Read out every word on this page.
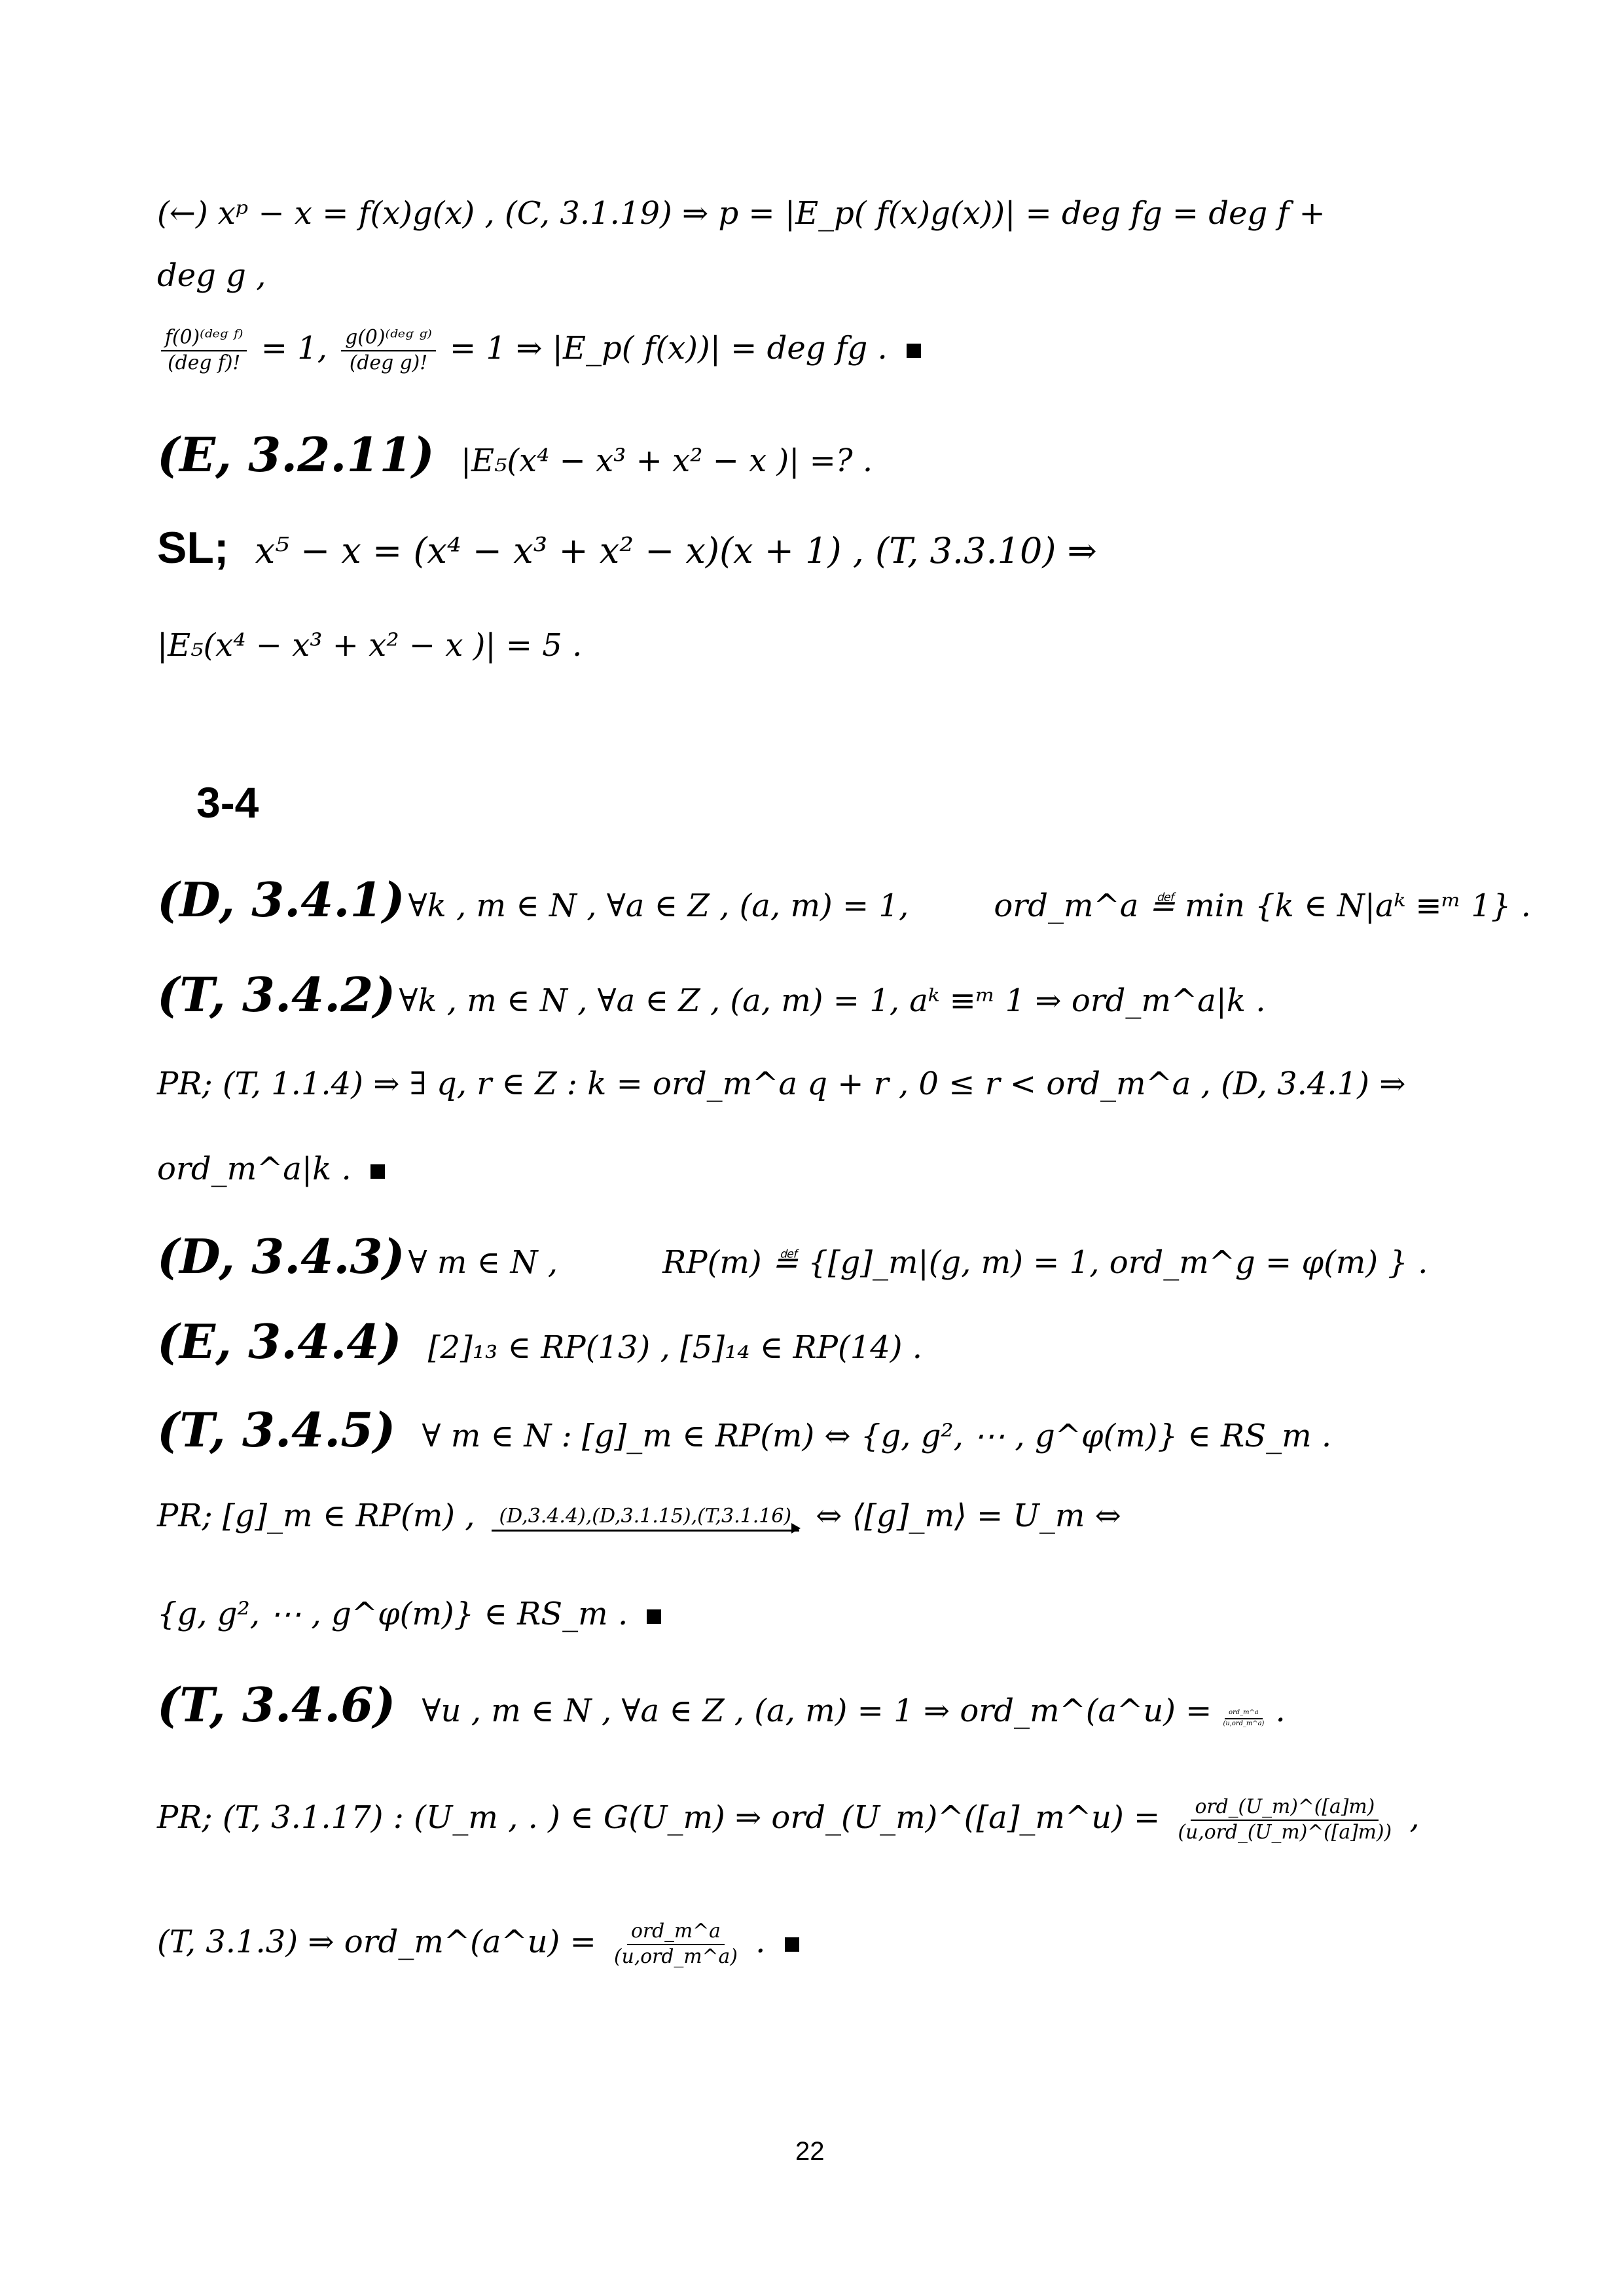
(←) xᵖ − x = f(x)g(x) , (C, 3.1.19) ⇒ p = |E_p( f(x)g(x))| = deg fg = deg f +
deg g ,
$\frac{\text{f(0)⁽ᵈᵉᵍ ᶠ⁾}}{\text{(deg f)!}} = 1$, $\frac{\text{g(0)⁽ᵈᵉᵍ ᵍ⁾}}{\text{(deg g)!}} = 1$ ⇒ |E_p( f(x))| = deg fg .
(E, 3.2.11) |E₅(x⁴ − x³ + x² − x )| =? .
SL; x⁵ − x = (x⁴ − x³ + x² − x)(x + 1) , (T, 3.3.10) ⇒
|E₅(x⁴ − x³ + x² − x )| = 5 .
3-4
(D, 3.4.1) ∀k , m ∈ N , ∀a ∈ Z , (a, m) = 1,	ord_m^a ≝ min {k ∈ N|aᵏ ≡ᵐ 1} .
(T, 3.4.2) ∀k , m ∈ N , ∀a ∈ Z , (a, m) = 1, aᵏ ≡ᵐ 1 ⇒ ord_m^a|k .
PR; (T, 1.1.4) ⇒ ∃ q, r ∈ Z : k = ord_m^a q + r , 0 ≤ r < ord_m^a , (D, 3.4.1) ⇒
ord_m^a|k .
(D, 3.4.3) ∀ m ∈ N ,	RP(m) ≝ {[g]_m|(g, m) = 1, ord_m^g = φ(m) } .
(E, 3.4.4) [2]₁₃ ∈ RP(13) , [5]₁₄ ∈ RP(14) .
(T, 3.4.5) ∀ m ∈ N : [g]_m ∈ RP(m) ⇔ {g, g², ⋯ , g^φ(m)} ∈ RS_m .
PR; [g]_m ∈ RP(m) , (D,3.4.4),(D,3.1.15),(T,3.1.16) ⇔ ⟨[g]_m⟩ = U_m ⇔
{g, g², ⋯ , g^φ(m)} ∈ RS_m .
(T, 3.4.6) ∀u , m ∈ N , ∀a ∈ Z , (a, m) = 1 ⇒ ord_m^(a^u) = $\frac{\text{ord\_m\textasciicircum{}a}}{\text{(u,ord\_m\textasciicircum{}a)}}$ .
PR; (T, 3.1.17) : (U_m , . ) ∈ G(U_m) ⇒ ord_(U_m)^([a]_m^u) = $\frac{\text{ord\_(U\_m)\textasciicircum{}([a]m)}}{\text{(u,ord\_(U\_m)\textasciicircum{}([a]m))}}$ ,
(T, 3.1.3) ⇒ ord_m^(a^u) = $\frac{\text{ord\_m\textasciicircum{}a}}{\text{(u,ord\_m\textasciicircum{}a)}}$ .
22
